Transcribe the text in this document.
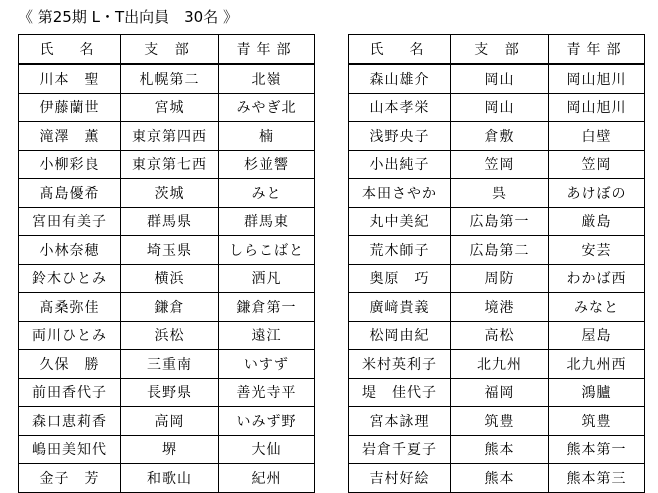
《 第25期 L・T出向員　30名 》
氏　名	支 部	青年部
川本　聖	札幌第二	北嶺
伊藤蘭世	宮城	みやぎ北
滝澤　薫	東京第四西	楠
小柳彩良	東京第七西	杉並響
髙島優希	茨城	みと
宮田有美子	群馬県	群馬東
小林奈穂	埼玉県	しらこばと
鈴木ひとみ	横浜	洒凡
髙桑弥佳	鎌倉	鎌倉第一
両川ひとみ	浜松	遠江
久保　勝	三重南	いすず
前田香代子	長野県	善光寺平
森口恵莉香	高岡	いみず野
嶋田美知代	堺	大仙
金子　芳	和歌山	紀州
氏　名	支 部	青年部
森山雄介	岡山	岡山旭川
山本孝栄	岡山	岡山旭川
浅野央子	倉敷	白壁
小出純子	笠岡	笠岡
本田さやか	呉	あけぼの
丸中美紀	広島第一	厳島
荒木師子	広島第二	安芸
奥原　巧	周防	わかば西
廣﨑貴義	境港	みなと
松岡由紀	高松	屋島
米村英利子	北九州	北九州西
堤　佳代子	福岡	鴻臚
宮本詠理	筑豊	筑豊
岩倉千夏子	熊本	熊本第一
吉村好絵	熊本	熊本第三
